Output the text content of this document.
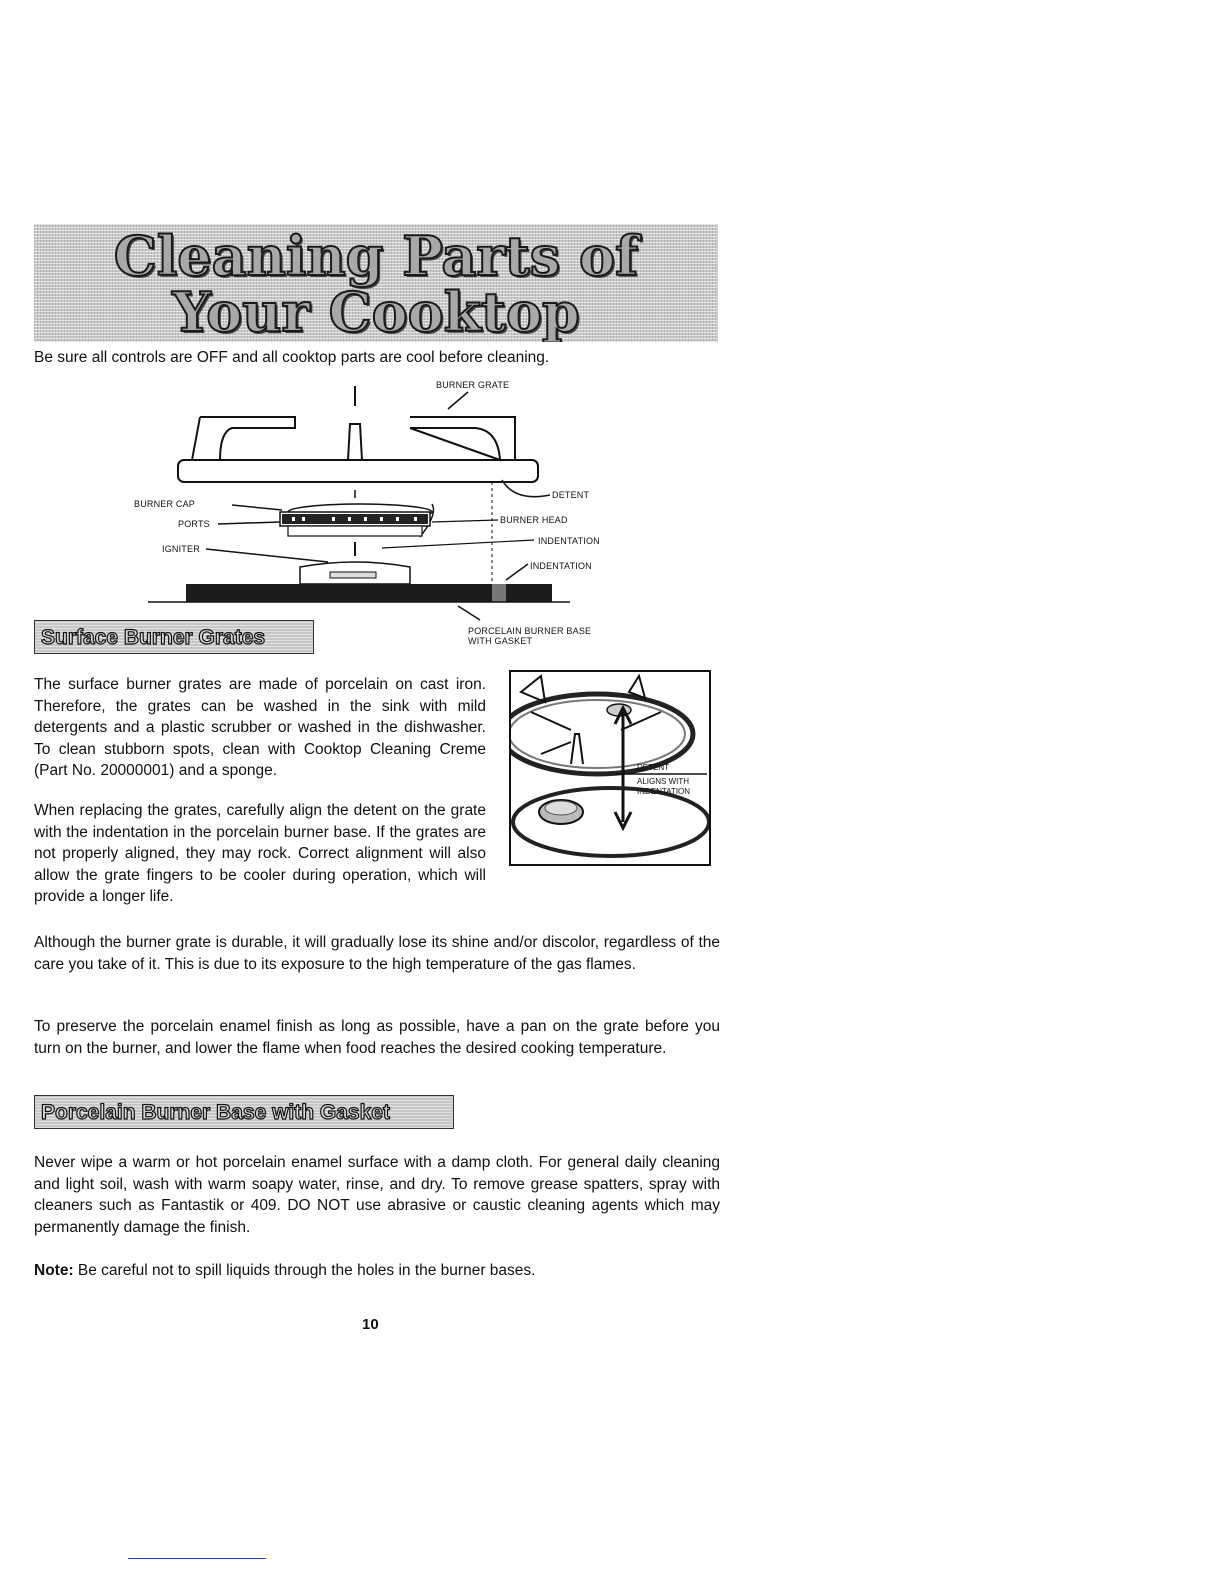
Cleaning Parts of
Your Cooktop
Be sure all controls are OFF and all cooktop parts are cool before cleaning.
BURNER GRATE
DETENT
BURNER CAP
PORTS	BURNER HEAD
INDENTATION
INDENTATION
IGNITER
PORCELAIN BURNER BASE
WITH GASKET
Surface Burner Grates
The surface burner grates are made of porcelain on cast iron. Therefore, the grates can be washed in the sink with mild detergents and a plastic scrubber or washed in the dishwasher. To clean stubborn spots, clean with Cooktop Cleaning Creme (Part No. 20000001) and a sponge.
When replacing the grates, carefully align the detent on the grate with the indentation in the porcelain burner base. If the grates are not properly aligned, they may rock. Correct alignment will also allow the grate fingers to be cooler during operation, which will provide a longer life.
DETENT
ALIGNS WITH
INDENTATION
Although the burner grate is durable, it will gradually lose its shine and/or discolor, regardless of the care you take of it. This is due to its exposure to the high temperature of the gas flames.
To preserve the porcelain enamel finish as long as possible, have a pan on the grate before you turn on the burner, and lower the flame when food reaches the desired cooking temperature.
Porcelain Burner Base with Gasket
Never wipe a warm or hot porcelain enamel surface with a damp cloth. For general daily cleaning and light soil, wash with warm soapy water, rinse, and dry. To remove grease spatters, spray with cleaners such as Fantastik or 409. DO NOT use abrasive or caustic cleaning agents which may permanently damage the finish.
Note: Be careful not to spill liquids through the holes in the burner bases.
10
